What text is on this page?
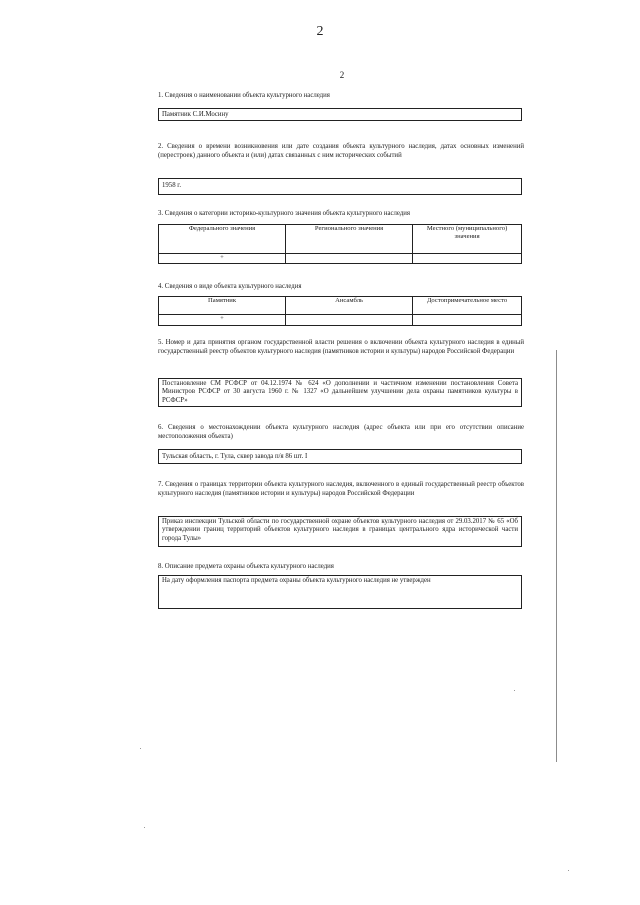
2
2
1. Сведения о наименовании объекта культурного наследия
Памятник С.И.Мосину
2. Сведения о времени возникновения или дате создания объекта культурного наследия, датах основных изменений (перестроек) данного объекта и (или) датах связанных с ним исторических событий
1958 г.
3. Сведения о категории историко-культурного значения объекта культурного наследия
Федерального значения	Регионального значения	Местного (муниципального) значения
+		
4. Сведения о виде объекта культурного наследия
Памятник	Ансамбль	Достопримечательное место
+		
5. Номер и дата принятия органом государственной власти решения о включении объекта культурного наследия в единый государственный реестр объектов культурного наследия (памятников истории и культуры) народов Российской Федерации
Постановление СМ РСФСР от 04.12.1974 № 624 «О дополнении и частичном изменении постановления Совета Министров РСФСР от 30 августа 1960 г. № 1327 «О дальнейшем улучшении дела охраны памятников культуры в РСФСР»
6. Сведения о местонахождении объекта культурного наследия (адрес объекта или при его отсутствии описание местоположения объекта)
Тульская область, г. Тула, сквер завода п/я 86 шт. I
7. Сведения о границах территории объекта культурного наследия, включенного в единый государственный реестр объектов культурного наследия (памятников истории и культуры) народов Российской Федерации
Приказ инспекции Тульской области по государственной охране объектов культурного наследия от 29.03.2017 № 65 «Об утверждении границ территорий объектов культурного наследия в границах центрального ядра исторической части города Тулы»
8. Описание предмета охраны объекта культурного наследия
На дату оформления паспорта предмета охраны объекта культурного наследия не утвержден
